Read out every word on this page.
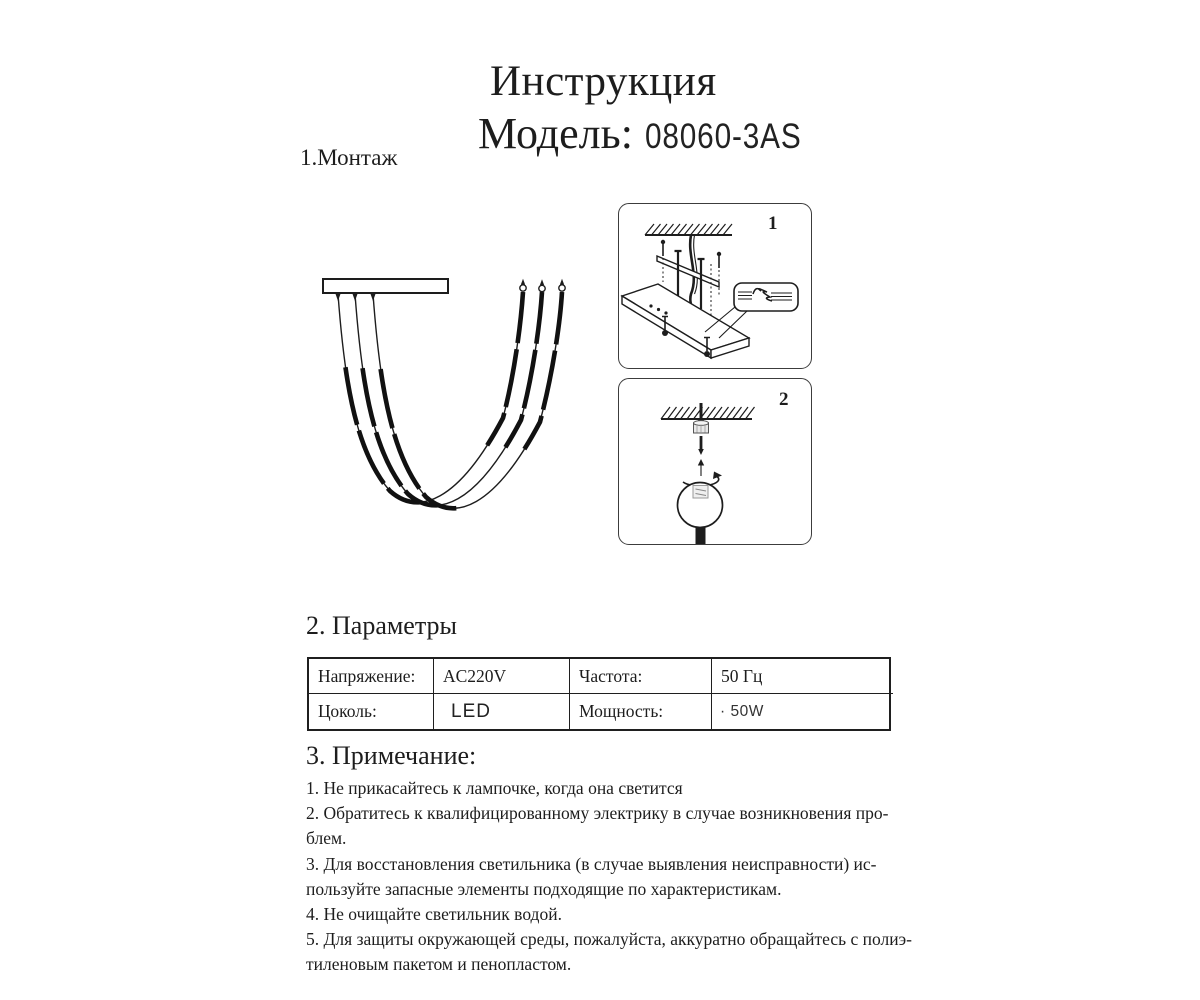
Инструкция
Модель: 08060-3AS
1.Монтаж
1
2
2. Параметры
Напряжение:	AC220V	Частота:	50 Гц
Цоколь:	LED	Мощность:	· 50W
3. Примечание:
1. Не прикасайтесь к лампочке, когда она светится
2. Обратитесь к квалифицированному электрику в случае возникновения про-
блем.
3. Для восстановления светильника (в случае выявления неисправности) ис-
пользуйте запасные элементы подходящие по характеристикам.
4. Не очищайте светильник водой.
5. Для защиты окружающей среды, пожалуйста, аккуратно обращайтесь с полиэ-
тиленовым пакетом и пенопластом.
